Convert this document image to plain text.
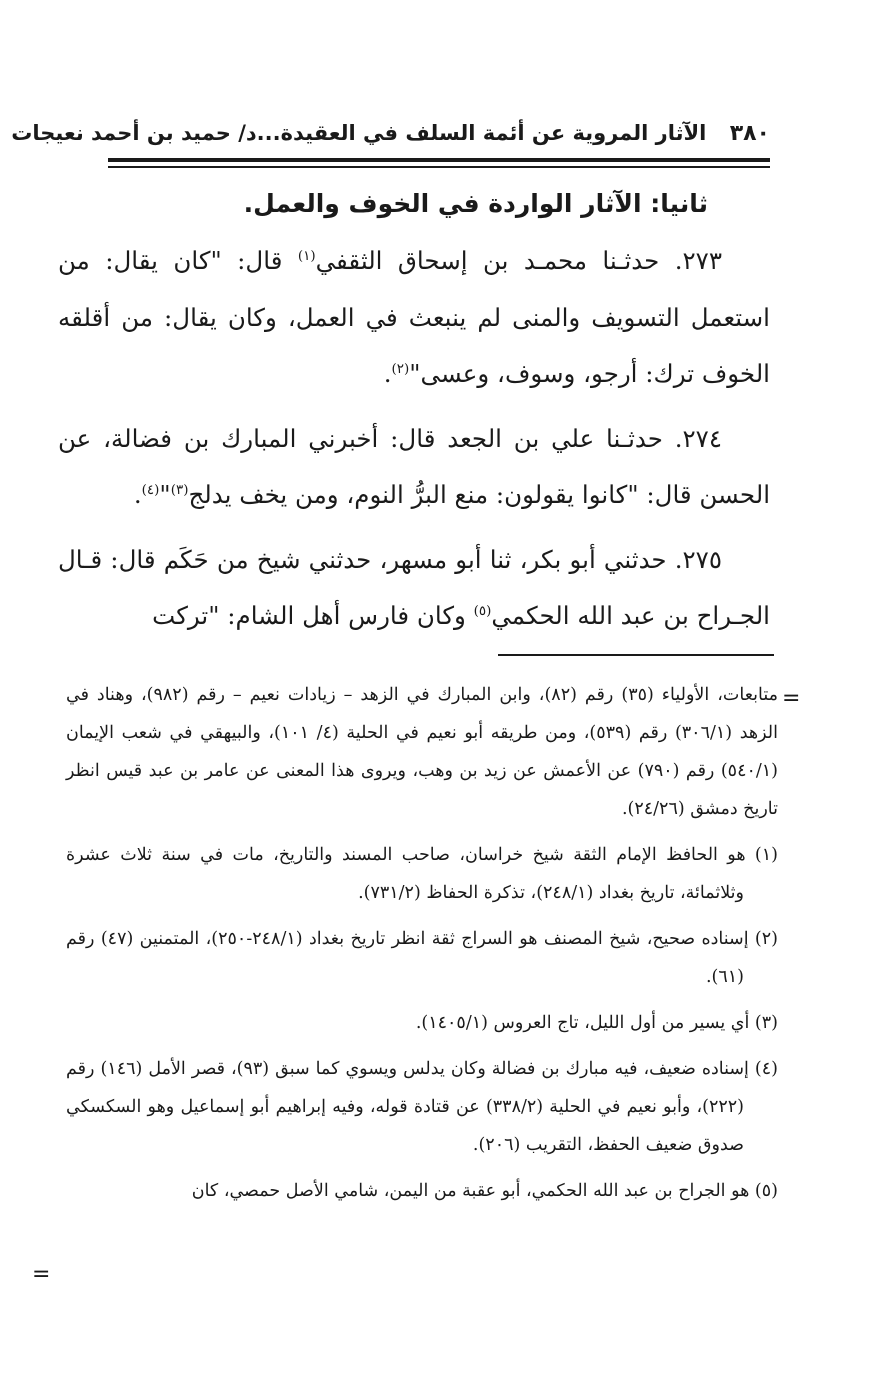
٣٨٠ الآثار المروية عن أئمة السلف في العقيدة...د/ حميد بن أحمد نعيجات
ثانيا: الآثار الواردة في الخوف والعمل.

٢٧٣. حدثـنا محمـد بن إسحاق الثقفي$^{(١)}$ قال: "كان يقال: من استعمل التسويف والمنى لم ينبعث في العمل، وكان يقال: من أقلقه الخوف ترك: أرجو، وسوف، وعسى"$^{(٢)}$.

٢٧٤. حدثـنا علي بن الجعد قال: أخبرني المبارك بن فضالة، عن الحسن قال: "كانوا يقولون: منع البرُّ النوم، ومن يخف يدلج$^{(٣)}$"$^{(٤)}$.

٢٧٥. حدثني أبو بكر، ثنا أبو مسهر، حدثني شيخ من حَكَم قال: قـال الجـراح بن عبد الله الحكمي$^{(٥)}$ وكان فارس أهل الشام: "تركت

=

متابعات، الأولياء (٣٥) رقم (٨٢)، وابن المبارك في الزهد – زيادات نعيم – رقم (٩٨٢)، وهناد في الزهد (٣٠٦/١) رقم (٥٣٩)، ومن طريقه أبو نعيم في الحلية (٤/ ١٠١)، والبيهقي في شعب الإيمان (٥٤٠/١) رقم (٧٩٠) عن الأعمش عن زيد بن وهب، ويروى هذا المعنى عن عامر بن عبد قيس انظر تاريخ دمشق (٢٤/٢٦).

(١) هو الحافظ الإمام الثقة شيخ خراسان، صاحب المسند والتاريخ، مات في سنة ثلاث عشرة وثلاثمائة، تاريخ بغداد (٢٤٨/١)، تذكرة الحفاظ (٧٣١/٢).

(٢) إسناده صحيح، شيخ المصنف هو السراج ثقة انظر تاريخ بغداد (٢٤٨/١-٢٥٠)، المتمنين (٤٧) رقم (٦١).

(٣) أي يسير من أول الليل، تاج العروس (١٤٠٥/١).

(٤) إسناده ضعيف، فيه مبارك بن فضالة وكان يدلس ويسوي كما سبق (٩٣)، قصر الأمل (١٤٦) رقم (٢٢٢)، وأبو نعيم في الحلية (٣٣٨/٢) عن قتادة قوله، وفيه إبراهيم أبو إسماعيل وهو السكسكي صدوق ضعيف الحفظ، التقريب (٢٠٦).

(٥) هو الجراح بن عبد الله الحكمي، أبو عقبة من اليمن، شامي الأصل حمصي، كان

=
